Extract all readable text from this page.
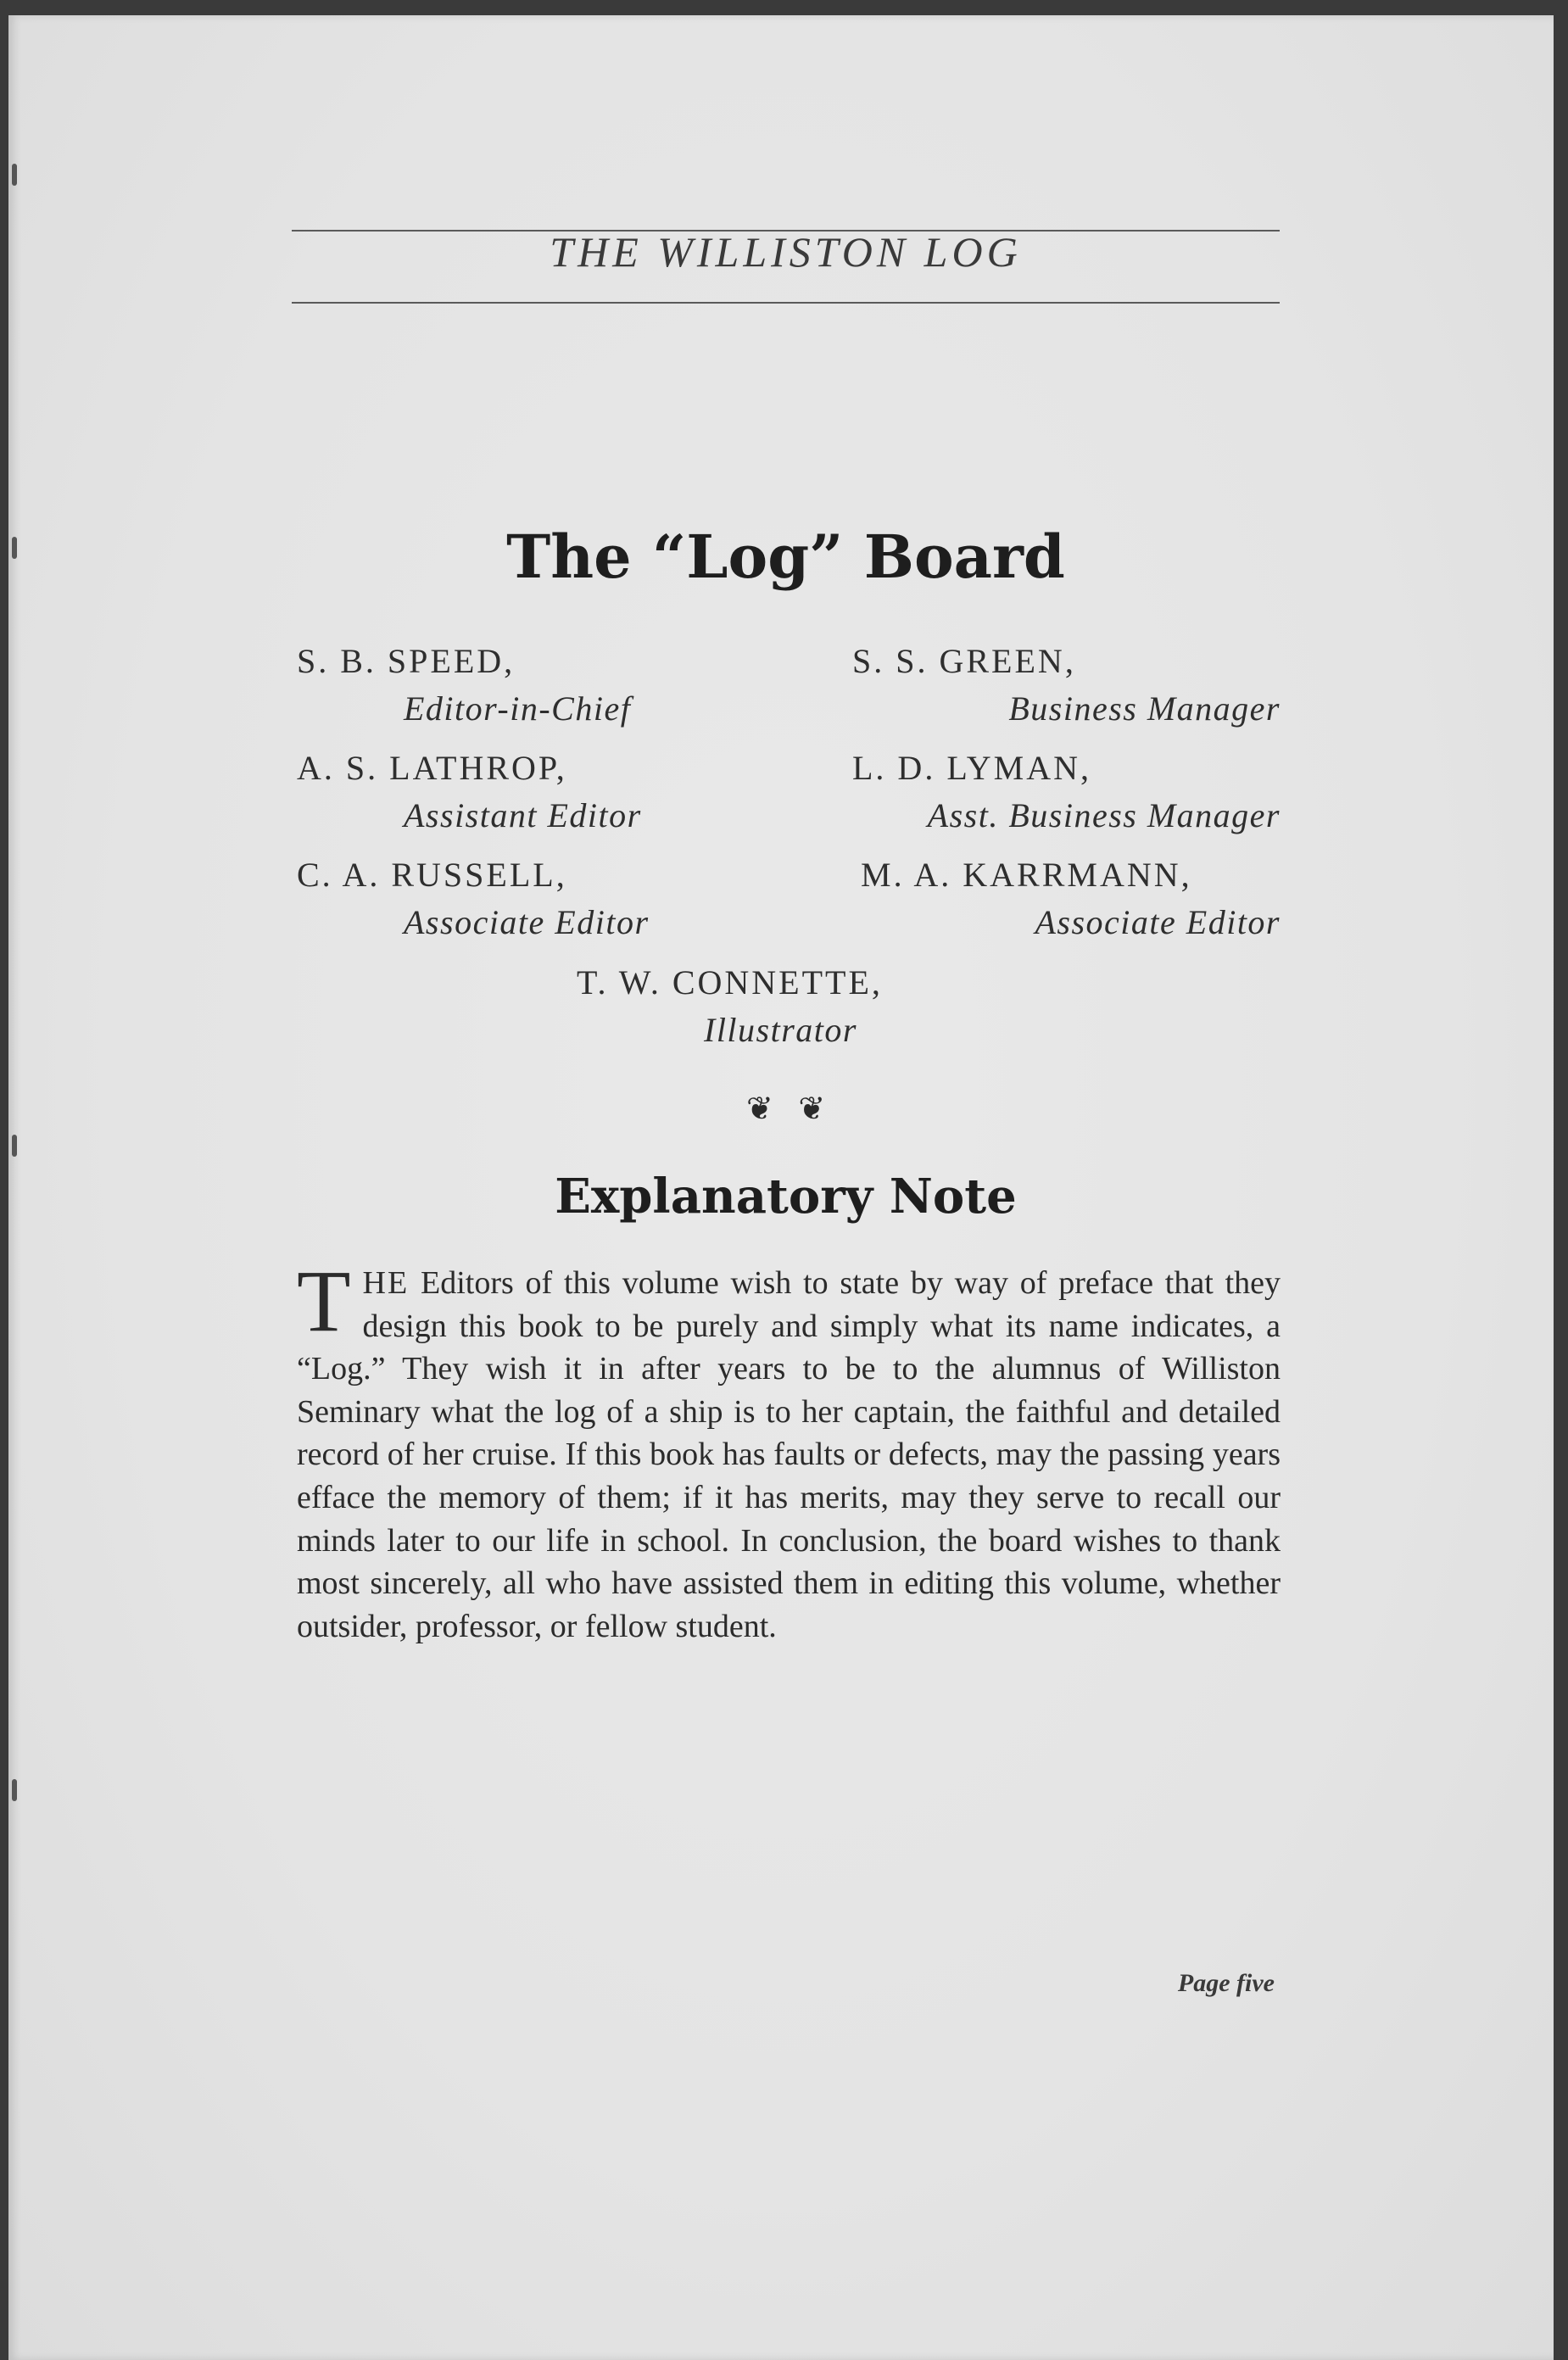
THE WILLISTON LOG
The “Log” Board
S. B. SPEED,
Editor-in-Chief
S. S. GREEN,
Business Manager
A. S. LATHROP,
Assistant Editor
L. D. LYMAN,
Asst. Business Manager
C. A. RUSSELL,
Associate Editor
M. A. KARRMANN,
Associate Editor
T. W. CONNETTE,
Illustrator
❦ ❦
Explanatory Note
THE Editors of this volume wish to state by way of preface that they design this book to be purely and simply what its name indicates, a “Log.” They wish it in after years to be to the alumnus of Williston Seminary what the log of a ship is to her captain, the faithful and detailed record of her cruise. If this book has faults or defects, may the passing years efface the memory of them; if it has merits, may they serve to recall our minds later to our life in school. In conclusion, the board wishes to thank most sincerely, all who have assisted them in editing this volume, whether outsider, professor, or fellow student.
Page five
